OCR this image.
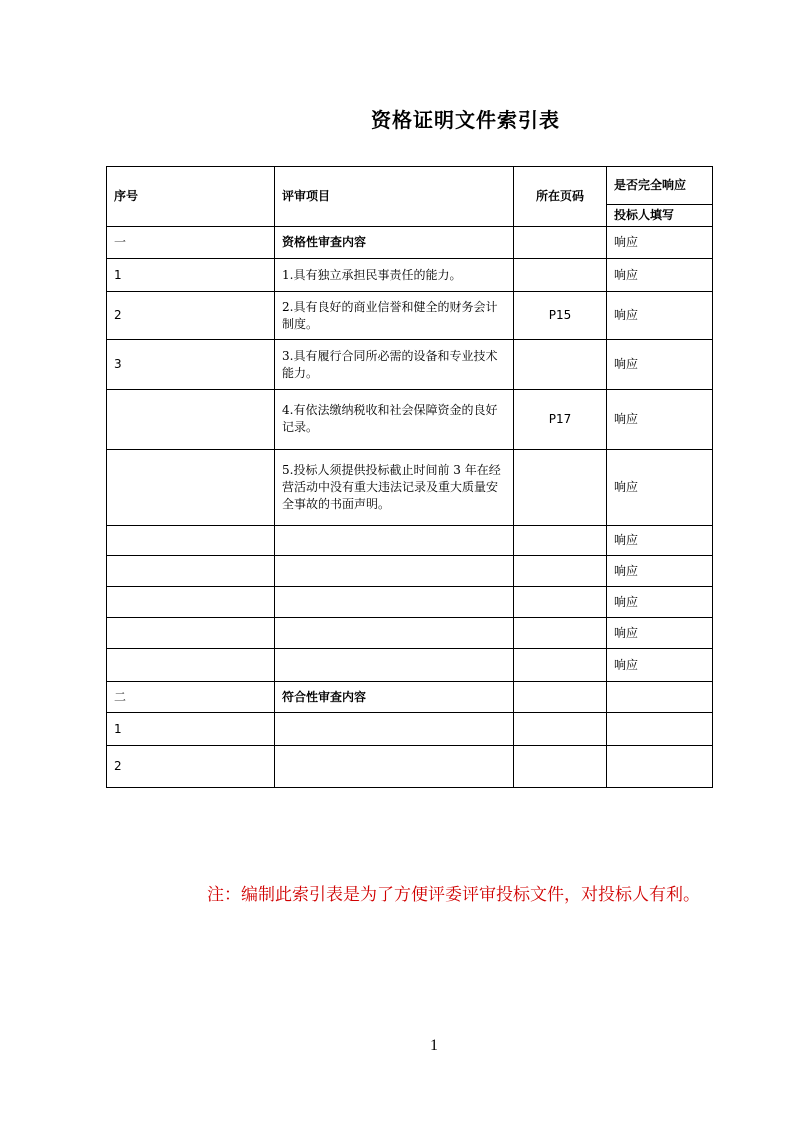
资格证明文件索引表
序号	评审项目	所在页码	是否完全响应
			投标人填写
一	资格性审查内容		响应
1	1.具有独立承担民事责任的能力。		响应
2	2.具有良好的商业信誉和健全的财务会计制度。	P15	响应
3	3.具有履行合同所必需的设备和专业技术能力。		响应
	4.有依法缴纳税收和社会保障资金的良好记录。	P17	响应
	5.投标人须提供投标截止时间前 3 年在经营活动中没有重大违法记录及重大质量安全事故的书面声明。		响应
			响应
			响应
			响应
			响应
			响应
二	符合性审查内容		
1			
2			
注：编制此索引表是为了方便评委评审投标文件，对投标人有利。
1
